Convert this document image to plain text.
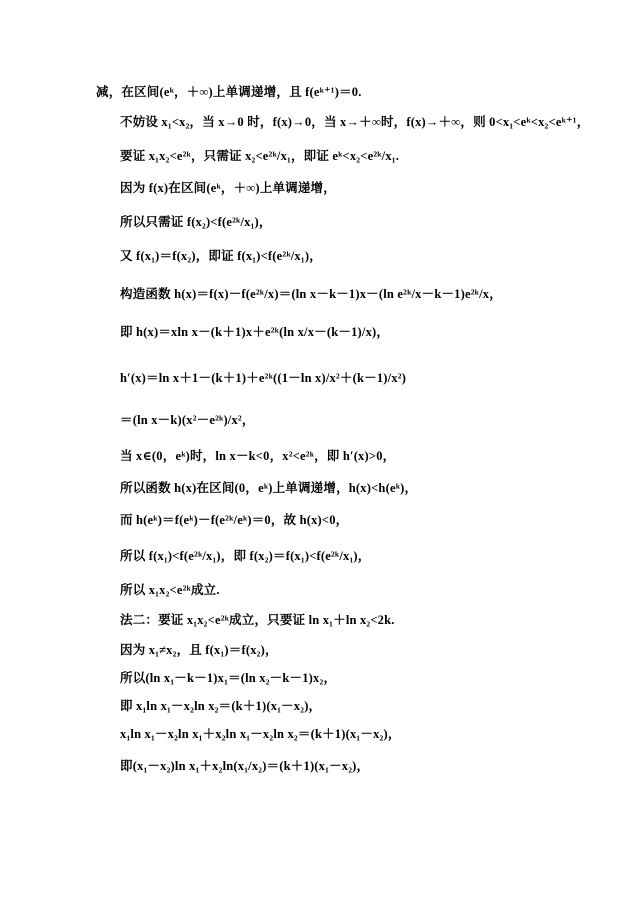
减，在区间(eᵏ，＋∞)上单调递增，且 f(eᵏ⁺¹)＝0.
不妨设 x₁<x₂，当 x→0 时，f(x)→0，当 x→＋∞时，f(x)→＋∞，则 0<x₁<eᵏ<x₂<eᵏ⁺¹，
要证 x₁x₂<e²ᵏ，只需证 x₂<e²ᵏ/x₁，即证 eᵏ<x₂<e²ᵏ/x₁.
因为 f(x)在区间(eᵏ，＋∞)上单调递增，
所以只需证 f(x₂)<f(e²ᵏ/x₁)，
又 f(x₁)＝f(x₂)，即证 f(x₁)<f(e²ᵏ/x₁)，
构造函数 h(x)＝f(x)－f(e²ᵏ/x)＝(ln x－k－1)x－(ln e²ᵏ/x－k－1)e²ᵏ/x，
即 h(x)＝xln x－(k＋1)x＋e²ᵏ(ln x/x－(k－1)/x)，
h′(x)＝ln x＋1－(k＋1)＋e²ᵏ((1－ln x)/x²＋(k－1)/x²)
＝(ln x－k)(x²－e²ᵏ)/x²，
当 x∈(0，eᵏ)时，ln x－k<0，x²<e²ᵏ，即 h′(x)>0，
所以函数 h(x)在区间(0，eᵏ)上单调递增，h(x)<h(eᵏ)，
而 h(eᵏ)＝f(eᵏ)－f(e²ᵏ/eᵏ)＝0，故 h(x)<0，
所以 f(x₁)<f(e²ᵏ/x₁)，即 f(x₂)＝f(x₁)<f(e²ᵏ/x₁)，
所以 x₁x₂<e²ᵏ成立.
法二：要证 x₁x₂<e²ᵏ成立，只要证 ln x₁＋ln x₂<2k.
因为 x₁≠x₂，且 f(x₁)＝f(x₂)，
所以(ln x₁－k－1)x₁＝(ln x₂－k－1)x₂，
即 x₁ln x₁－x₂ln x₂＝(k＋1)(x₁－x₂)，
x₁ln x₁－x₂ln x₁＋x₂ln x₁－x₂ln x₂＝(k＋1)(x₁－x₂)，
即(x₁－x₂)ln x₁＋x₂ln(x₁/x₂)＝(k＋1)(x₁－x₂)，
